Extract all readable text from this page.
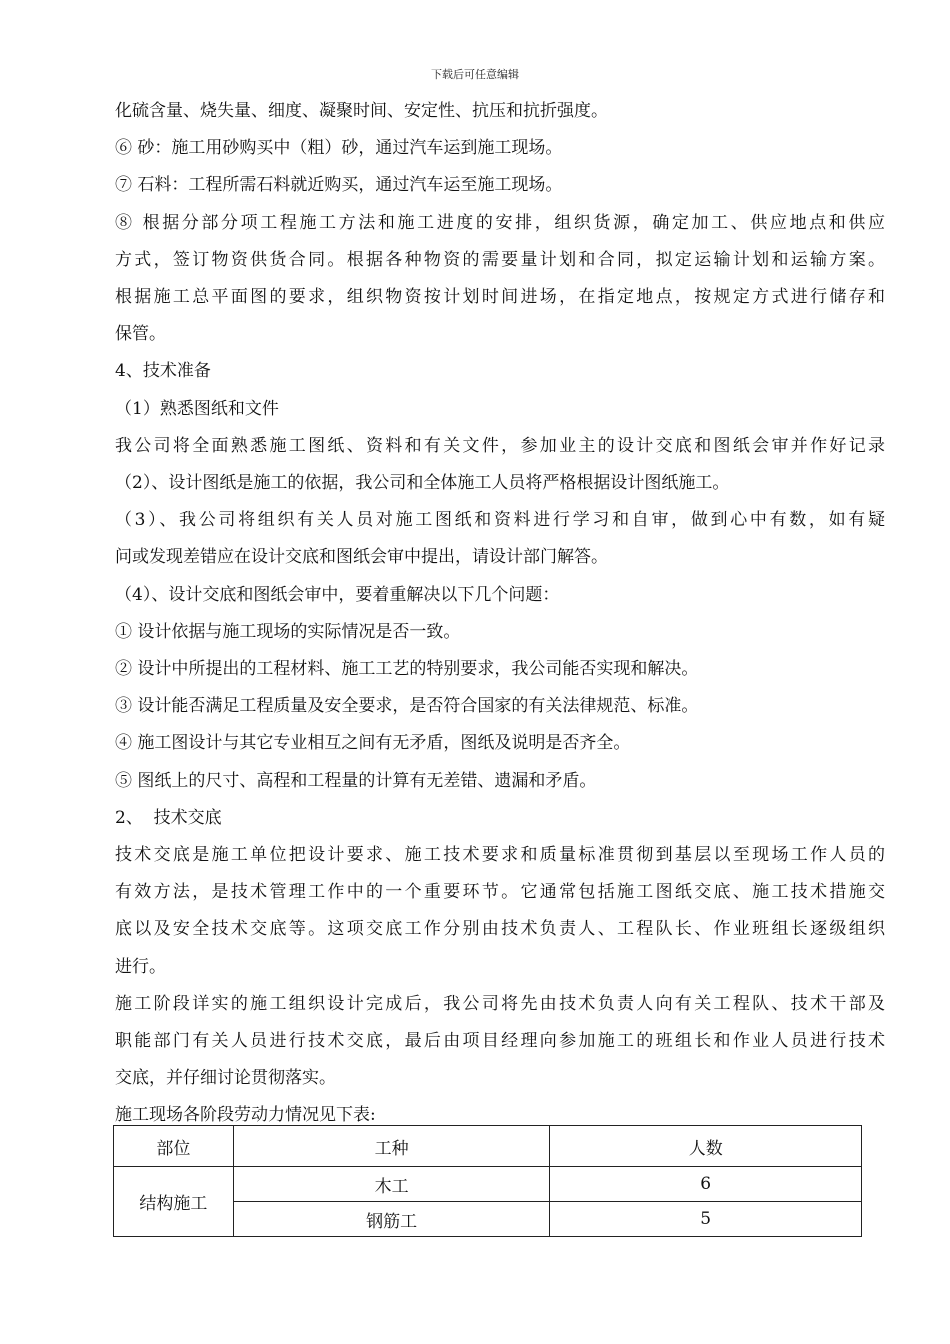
下载后可任意编辑

化硫含量、烧失量、细度、凝聚时间、安定性、抗压和抗折强度。

⑥ 砂：施工用砂购买中（粗）砂，通过汽车运到施工现场。

⑦ 石料：工程所需石料就近购买，通过汽车运至施工现场。

⑧ 根据分部分项工程施工方法和施工进度的安排，组织货源，确定加工、供应地点和供应

方式，签订物资供货合同。根据各种物资的需要量计划和合同，拟定运输计划和运输方案。

根据施工总平面图的要求，组织物资按计划时间进场，在指定地点，按规定方式进行储存和

保管。

4、技术准备

（1）熟悉图纸和文件

我公司将全面熟悉施工图纸、资料和有关文件，参加业主的设计交底和图纸会审并作好记录

（2）、设计图纸是施工的依据，我公司和全体施工人员将严格根据设计图纸施工。

（3）、我公司将组织有关人员对施工图纸和资料进行学习和自审，做到心中有数，如有疑

问或发现差错应在设计交底和图纸会审中提出，请设计部门解答。

（4）、设计交底和图纸会审中，要着重解决以下几个问题：

① 设计依据与施工现场的实际情况是否一致。

② 设计中所提出的工程材料、施工工艺的特别要求，我公司能否实现和解决。

③ 设计能否满足工程质量及安全要求，是否符合国家的有关法律规范、标准。

④ 施工图设计与其它专业相互之间有无矛盾，图纸及说明是否齐全。

⑤ 图纸上的尺寸、高程和工程量的计算有无差错、遗漏和矛盾。

2、  技术交底

技术交底是施工单位把设计要求、施工技术要求和质量标准贯彻到基层以至现场工作人员的

有效方法，是技术管理工作中的一个重要环节。它通常包括施工图纸交底、施工技术措施交

底以及安全技术交底等。这项交底工作分别由技术负责人、工程队长、作业班组长逐级组织

进行。

施工阶段详实的施工组织设计完成后，我公司将先由技术负责人向有关工程队、技术干部及

职能部门有关人员进行技术交底，最后由项目经理向参加施工的班组长和作业人员进行技术

交底，并仔细讨论贯彻落实。

施工现场各阶段劳动力情况见下表:

部位	工种	人数
结构施工	木工	6
	钢筋工	5
